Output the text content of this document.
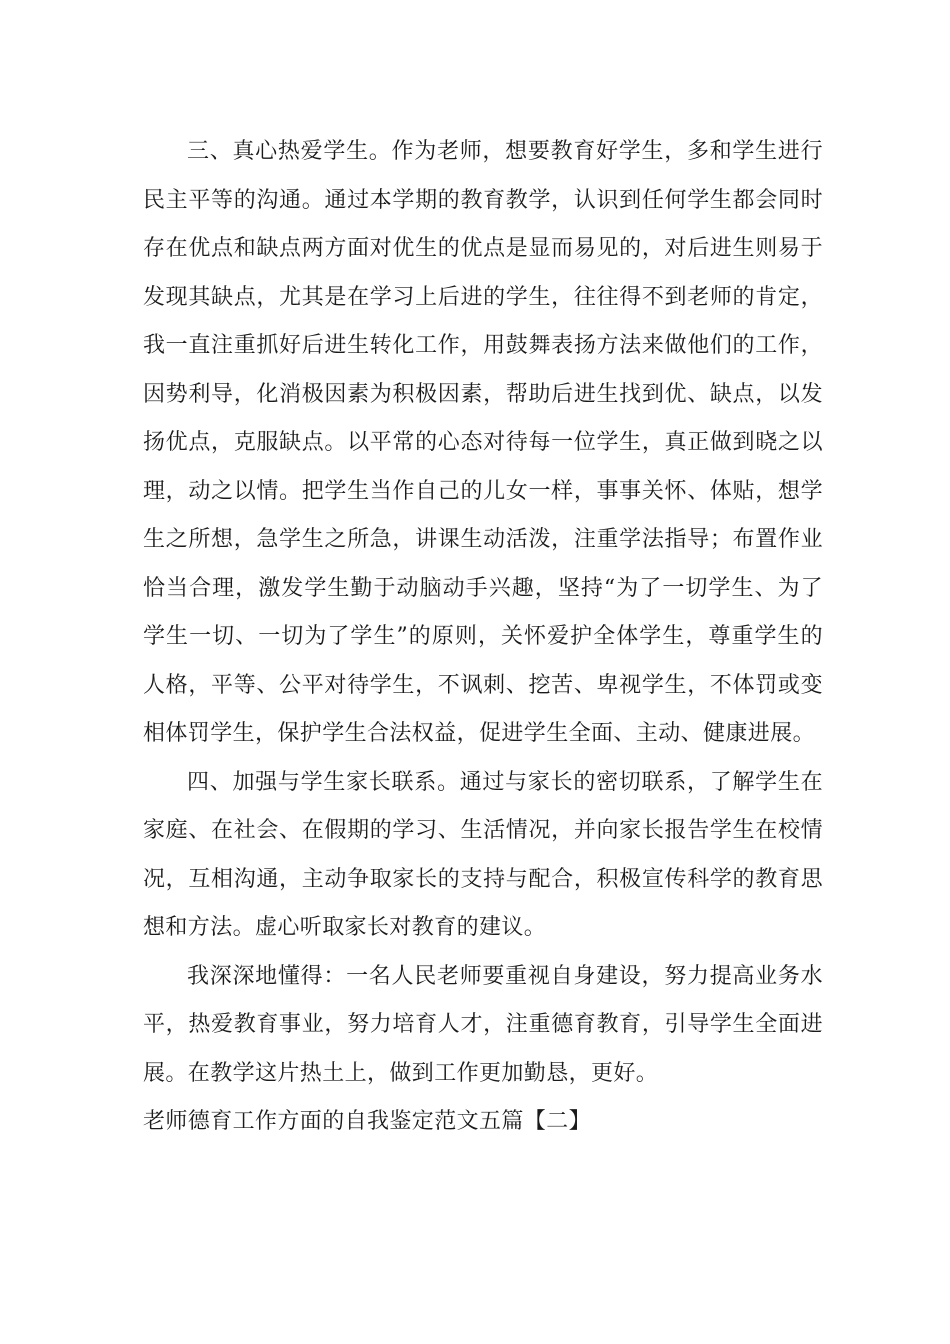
三、真心热爱学生。作为老师，想要教育好学生，多和学生进行民主平等的沟通。通过本学期的教育教学，认识到任何学生都会同时存在优点和缺点两方面对优生的优点是显而易见的，对后进生则易于发现其缺点，尤其是在学习上后进的学生，往往得不到老师的肯定，我一直注重抓好后进生转化工作，用鼓舞表扬方法来做他们的工作，因势利导，化消极因素为积极因素，帮助后进生找到优、缺点，以发扬优点，克服缺点。以平常的心态对待每一位学生，真正做到晓之以理，动之以情。把学生当作自己的儿女一样，事事关怀、体贴，想学生之所想，急学生之所急，讲课生动活泼，注重学法指导；布置作业恰当合理，激发学生勤于动脑动手兴趣，坚持“为了一切学生、为了学生一切、一切为了学生”的原则，关怀爱护全体学生，尊重学生的人格，平等、公平对待学生，不讽刺、挖苦、卑视学生，不体罚或变相体罚学生，保护学生合法权益，促进学生全面、主动、健康进展。

四、加强与学生家长联系。通过与家长的密切联系，了解学生在家庭、在社会、在假期的学习、生活情况，并向家长报告学生在校情况，互相沟通，主动争取家长的支持与配合，积极宣传科学的教育思想和方法。虚心听取家长对教育的建议。

我深深地懂得：一名人民老师要重视自身建设，努力提高业务水平，热爱教育事业，努力培育人才，注重德育教育，引导学生全面进展。在教学这片热土上，做到工作更加勤恳，更好。

老师德育工作方面的自我鉴定范文五篇【二】
